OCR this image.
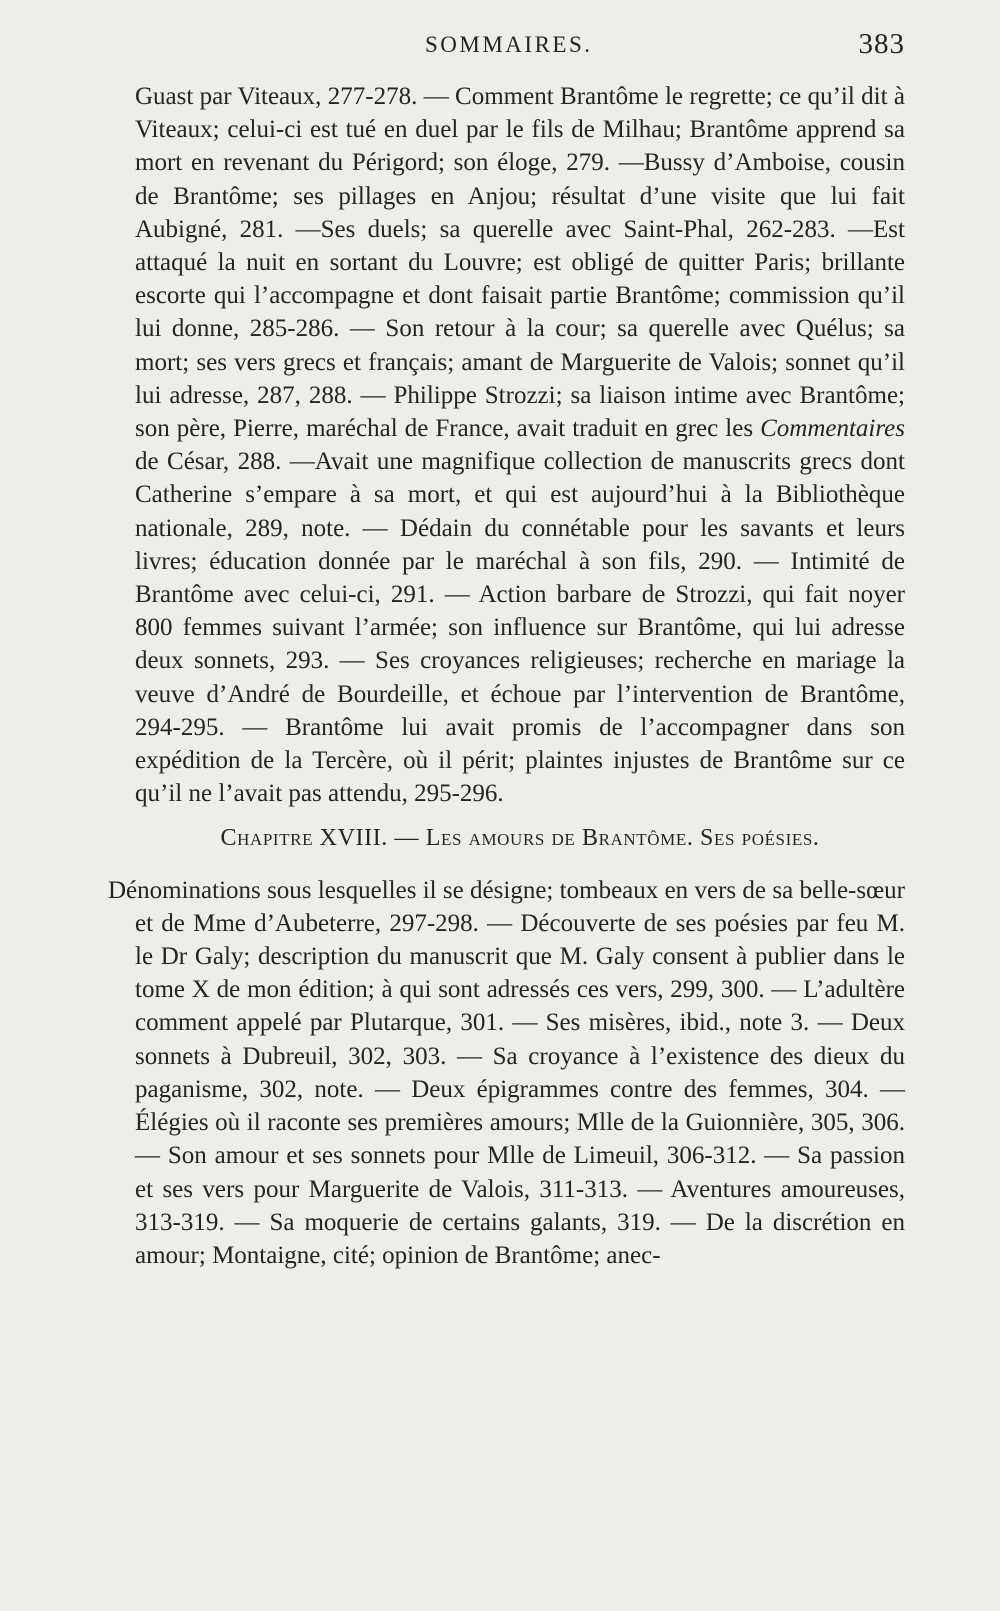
SOMMAIRES.	383

Guast par Viteaux, 277-278. — Comment Brantôme le regrette; ce qu’il dit à Viteaux; celui-ci est tué en duel par le fils de Milhau; Brantôme apprend sa mort en revenant du Périgord; son éloge, 279. —Bussy d’Amboise, cousin de Brantôme; ses pillages en Anjou; résultat d’une visite que lui fait Aubigné, 281. —Ses duels; sa querelle avec Saint-Phal, 262-283. —Est attaqué la nuit en sortant du Louvre; est obligé de quitter Paris; brillante escorte qui l’accompagne et dont faisait partie Brantôme; commission qu’il lui donne, 285-286. — Son retour à la cour; sa querelle avec Quélus; sa mort; ses vers grecs et français; amant de Marguerite de Valois; sonnet qu’il lui adresse, 287, 288. — Philippe Strozzi; sa liaison intime avec Brantôme; son père, Pierre, maréchal de France, avait traduit en grec les Commentaires de César, 288. —Avait une magnifique collection de manuscrits grecs dont Catherine s’empare à sa mort, et qui est aujourd’hui à la Bibliothèque nationale, 289, note. — Dédain du connétable pour les savants et leurs livres; éducation donnée par le maréchal à son fils, 290. — Intimité de Brantôme avec celui-ci, 291. — Action barbare de Strozzi, qui fait noyer 800 femmes suivant l’armée; son influence sur Brantôme, qui lui adresse deux sonnets, 293. — Ses croyances religieuses; recherche en mariage la veuve d’André de Bourdeille, et échoue par l’intervention de Brantôme, 294-295. — Brantôme lui avait promis de l’accompagner dans son expédition de la Tercère, où il périt; plaintes injustes de Brantôme sur ce qu’il ne l’avait pas attendu, 295-296.

Chapitre XVIII. — Les amours de Brantôme. Ses poésies.

Dénominations sous lesquelles il se désigne; tombeaux en vers de sa belle-sœur et de Mme d’Aubeterre, 297-298. — Découverte de ses poésies par feu M. le Dr Galy; description du manuscrit que M. Galy consent à publier dans le tome X de mon édition; à qui sont adressés ces vers, 299, 300. — L’adultère comment appelé par Plutarque, 301. — Ses misères, ibid., note 3. — Deux sonnets à Dubreuil, 302, 303. — Sa croyance à l’existence des dieux du paganisme, 302, note. — Deux épigrammes contre des femmes, 304. — Élégies où il raconte ses premières amours; Mlle de la Guionnière, 305, 306. — Son amour et ses sonnets pour Mlle de Limeuil, 306-312. — Sa passion et ses vers pour Marguerite de Valois, 311-313. — Aventures amoureuses, 313-319. — Sa moquerie de certains galants, 319. — De la discrétion en amour; Montaigne, cité; opinion de Brantôme; anec-
